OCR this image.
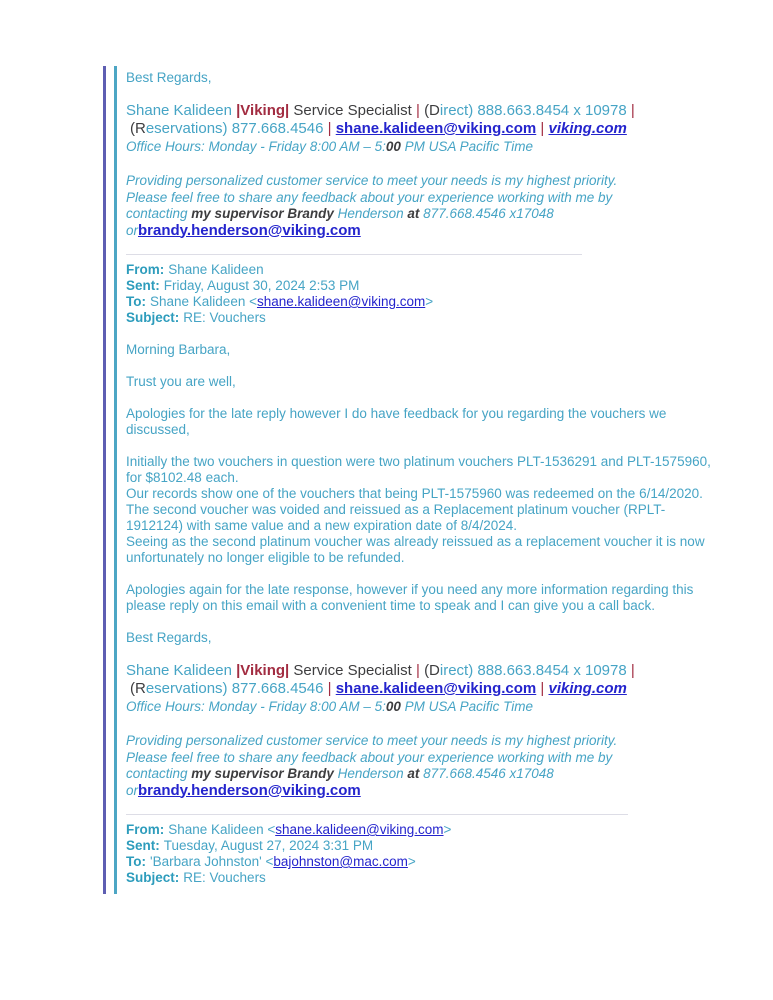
Best Regards,
Shane Kalideen |Viking| Service Specialist | (Direct) 888.663.8454 x 10978 |
(Reservations) 877.668.4546 | shane.kalideen@viking.com | viking.com
Office Hours: Monday - Friday 8:00 AM – 5:00 PM USA Pacific Time
Providing personalized customer service to meet your needs is my highest priority.
Please feel free to share any feedback about your experience working with me by
contacting my supervisor Brandy Henderson at 877.668.4546 x17048
orbrandy.henderson@viking.com
From: Shane Kalideen
Sent: Friday, August 30, 2024 2:53 PM
To: Shane Kalideen <shane.kalideen@viking.com>
Subject: RE: Vouchers
Morning Barbara,
Trust you are well,
Apologies for the late reply however I do have feedback for you regarding the vouchers we discussed,
Initially the two vouchers in question were two platinum vouchers PLT-1536291 and PLT-1575960, for $8102.48 each.
Our records show one of the vouchers that being PLT-1575960 was redeemed on the 6/14/2020.
The second voucher was voided and reissued as a Replacement platinum voucher (RPLT- 1912124) with same value and a new expiration date of 8/4/2024.
Seeing as the second platinum voucher was already reissued as a replacement voucher it is now unfortunately no longer eligible to be refunded.
Apologies again for the late response, however if you need any more information regarding this please reply on this email with a convenient time to speak and I can give you a call back.
Best Regards,
Shane Kalideen |Viking| Service Specialist | (Direct) 888.663.8454 x 10978 |
(Reservations) 877.668.4546 | shane.kalideen@viking.com | viking.com
Office Hours: Monday - Friday 8:00 AM – 5:00 PM USA Pacific Time
Providing personalized customer service to meet your needs is my highest priority.
Please feel free to share any feedback about your experience working with me by
contacting my supervisor Brandy Henderson at 877.668.4546 x17048
orbrandy.henderson@viking.com
From: Shane Kalideen <shane.kalideen@viking.com>
Sent: Tuesday, August 27, 2024 3:31 PM
To: 'Barbara Johnston' <bajohnston@mac.com>
Subject: RE: Vouchers
